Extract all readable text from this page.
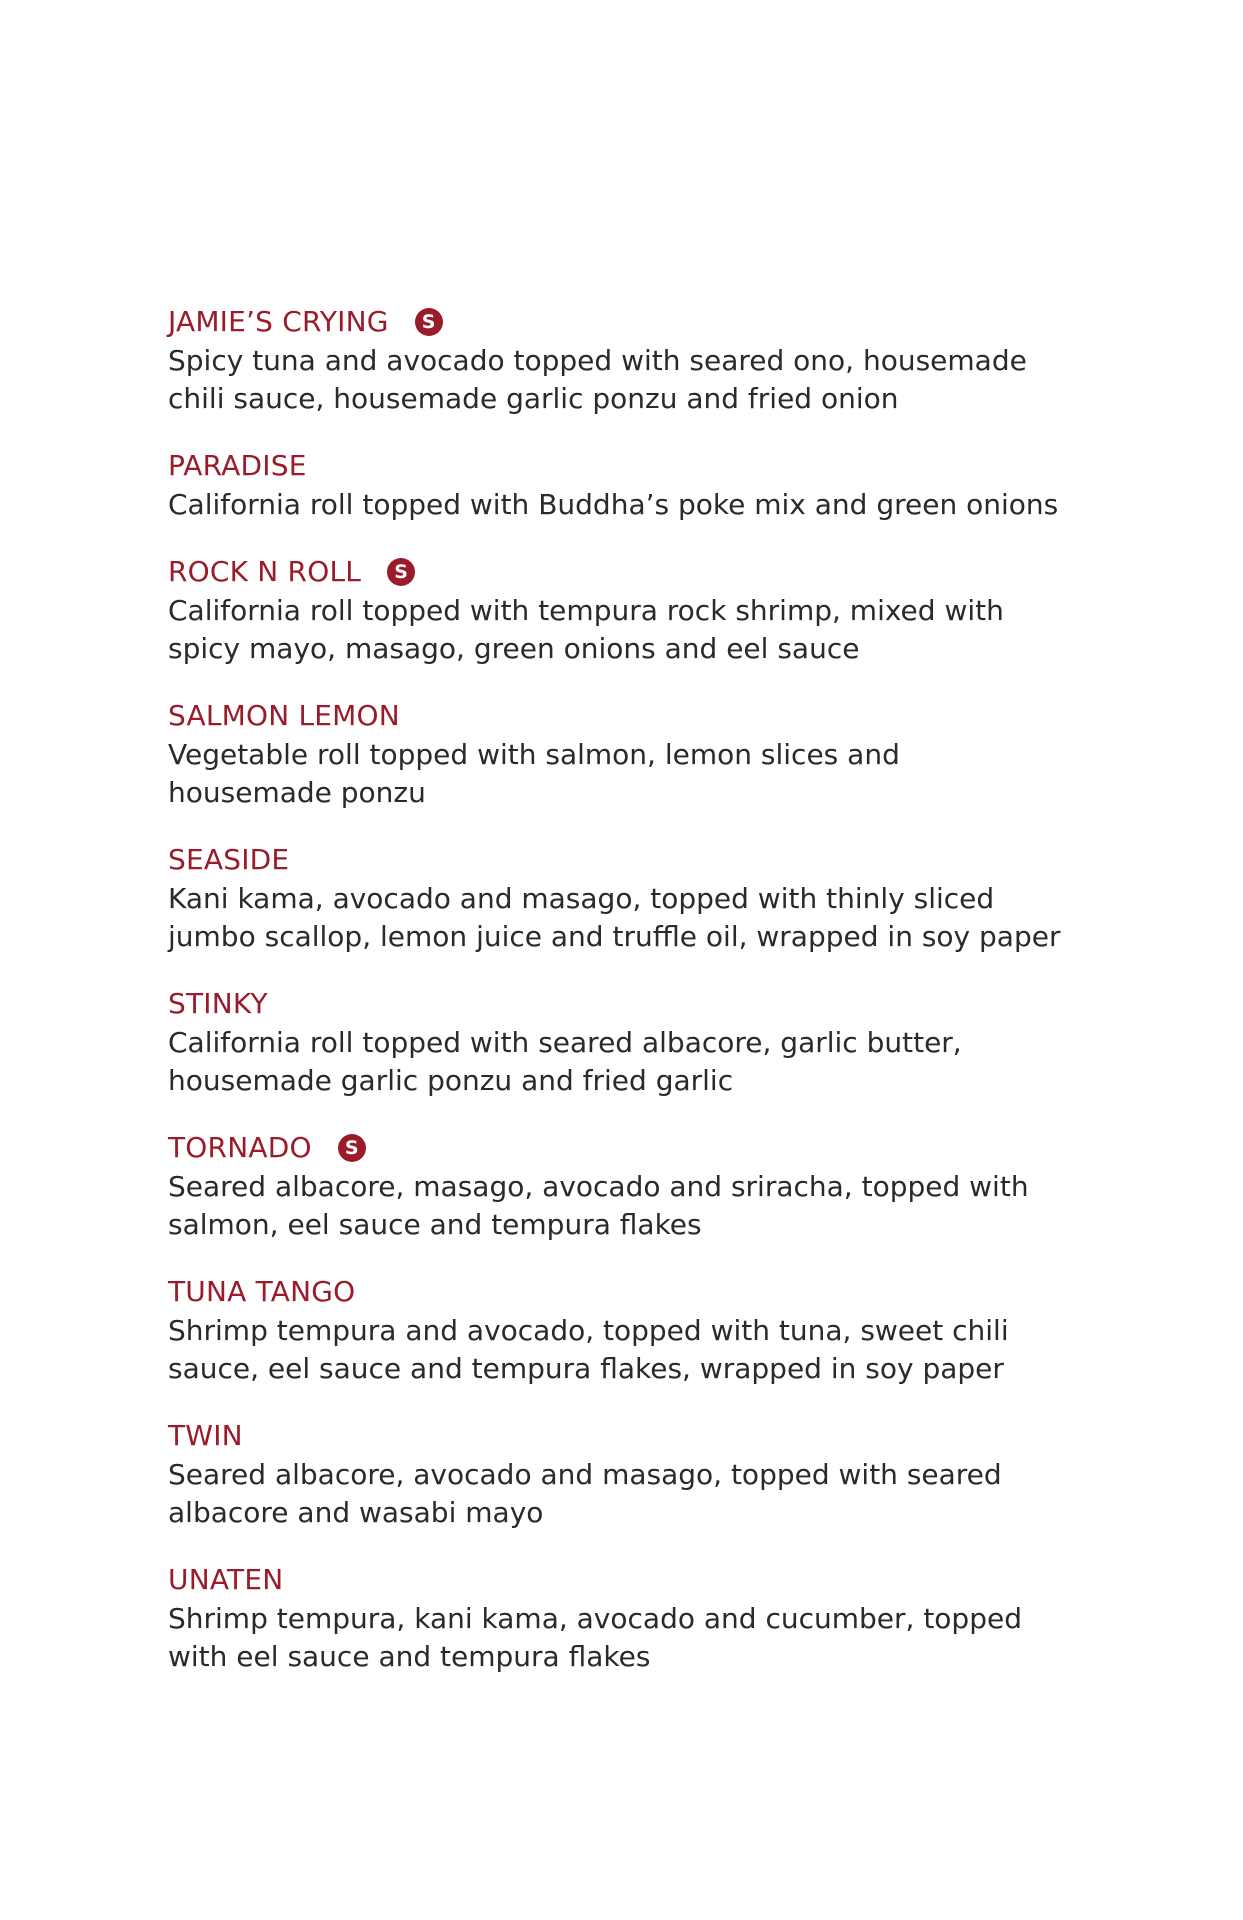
JAMIE’S CRYING	S
Spicy tuna and avocado topped with seared ono, housemade chili sauce, housemade garlic ponzu and fried onion
PARADISE
California roll topped with Buddha’s poke mix and green onions
ROCK N ROLL	S
California roll topped with tempura rock shrimp, mixed with spicy mayo, masago, green onions and eel sauce
SALMON LEMON
Vegetable roll topped with salmon, lemon slices and housemade ponzu
SEASIDE
Kani kama, avocado and masago, topped with thinly sliced jumbo scallop, lemon juice and truffle oil, wrapped in soy paper
STINKY
California roll topped with seared albacore, garlic butter, housemade garlic ponzu and fried garlic
TORNADO	S
Seared albacore, masago, avocado and sriracha, topped with salmon, eel sauce and tempura flakes
TUNA TANGO
Shrimp tempura and avocado, topped with tuna, sweet chili sauce, eel sauce and tempura flakes, wrapped in soy paper
TWIN
Seared albacore, avocado and masago, topped with seared albacore and wasabi mayo
UNATEN
Shrimp tempura, kani kama, avocado and cucumber, topped with eel sauce and tempura flakes
